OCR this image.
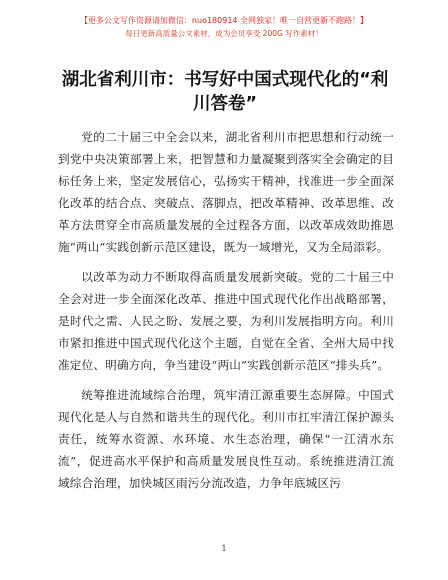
【更多公文写作资源请加微信：nuo180914 全网独家！唯一自营更新不跑路！】
每日更新高质量公文素材，成为会员享受 200G 写作素材！
湖北省利川市：书写好中国式现代化的“利川答卷”

党的二十届三中全会以来，湖北省利川市把思想和行动统一到党中央决策部署上来，把智慧和力量凝聚到落实全会确定的目标任务上来，坚定发展信心，弘扬实干精神，找准进一步全面深化改革的结合点、突破点、落脚点，把改革精神、改革思维、改革方法贯穿全市高质量发展的全过程各方面，以改革成效助推恩施“两山”实践创新示范区建设，既为一域增光，又为全局添彩。

以改革为动力不断取得高质量发展新突破。党的二十届三中全会对进一步全面深化改革、推进中国式现代化作出战略部署，是时代之需、人民之盼、发展之要，为利川发展指明方向。利川市紧扣推进中国式现代化这个主题，自觉在全省、全州大局中找准定位、明确方向，争当建设“两山”实践创新示范区“排头兵”。

统筹推进流域综合治理，筑牢清江源重要生态屏障。中国式现代化是人与自然和谐共生的现代化。利川市扛牢清江保护源头责任，统筹水资源、水环境、水生态治理，确保“一江清水东流”，促进高水平保护和高质量发展良性互动。系统推进清江流域综合治理，加快城区雨污分流改造，力争年底城区污

1
